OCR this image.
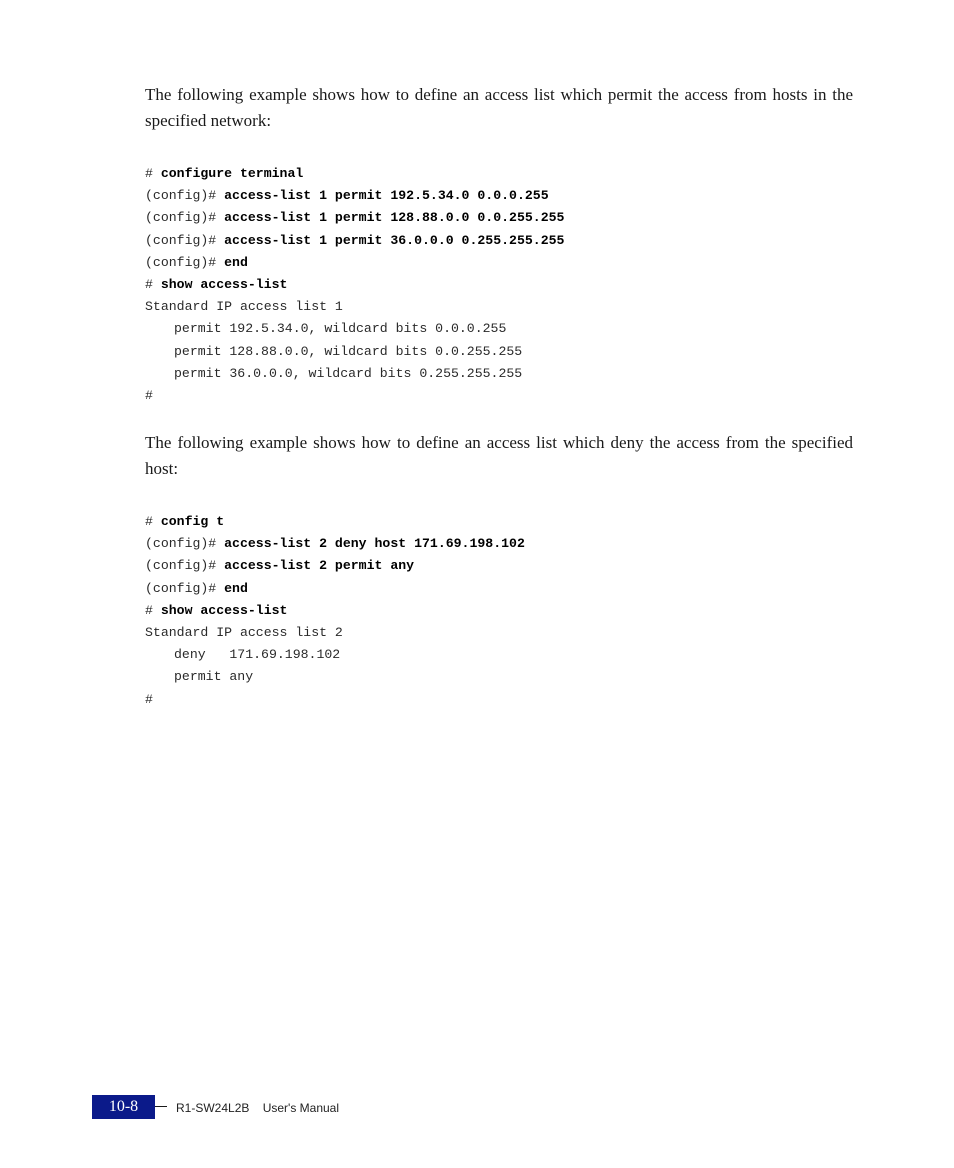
The following example shows how to define an access list which permit the access from hosts in the specified network:

# configure terminal
(config)# access-list 1 permit 192.5.34.0 0.0.0.255
(config)# access-list 1 permit 128.88.0.0 0.0.255.255
(config)# access-list 1 permit 36.0.0.0 0.255.255.255
(config)# end
# show access-list
Standard IP access list 1
permit 192.5.34.0, wildcard bits 0.0.0.255
permit 128.88.0.0, wildcard bits 0.0.255.255
permit 36.0.0.0, wildcard bits 0.255.255.255
#

The following example shows how to define an access list which deny the access from the specified host:

# config t
(config)# access-list 2 deny host 171.69.198.102
(config)# access-list 2 permit any
(config)# end
# show access-list
Standard IP access list 2
deny   171.69.198.102
permit any
#
10-8	R1-SW24L2B    User's Manual
